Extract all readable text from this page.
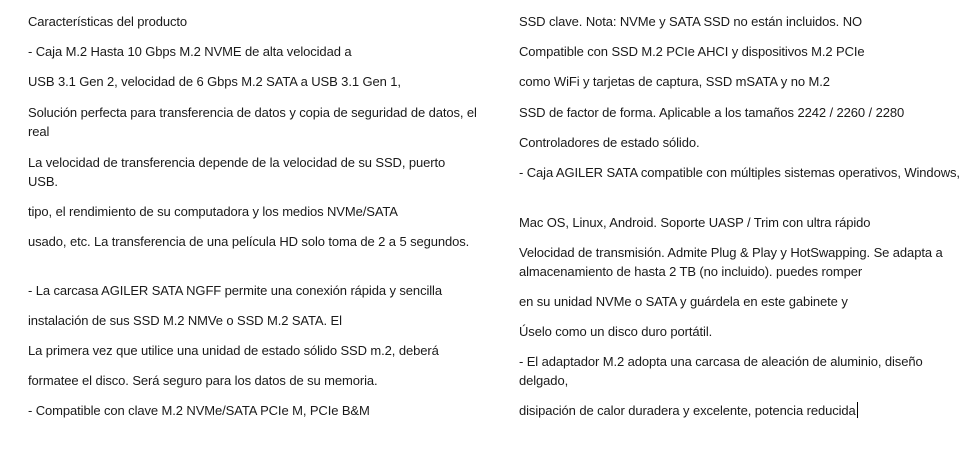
Características del producto
- Caja M.2 Hasta 10 Gbps M.2 NVME de alta velocidad a
USB 3.1 Gen 2, velocidad de 6 Gbps M.2 SATA a USB 3.1 Gen 1,
Solución perfecta para transferencia de datos y copia de seguridad de datos, el real
La velocidad de transferencia depende de la velocidad de su SSD, puerto USB.
tipo, el rendimiento de su computadora y los medios NVMe/SATA
usado, etc. La transferencia de una película HD solo toma de 2 a 5 segundos.
- La carcasa AGILER SATA NGFF permite una conexión rápida y sencilla
instalación de sus SSD M.2 NMVe o SSD M.2 SATA. El
La primera vez que utilice una unidad de estado sólido SSD m.2, deberá
formatee el disco. Será seguro para los datos de su memoria.
- Compatible con clave M.2 NVMe/SATA PCIe M, PCIe B&M
SSD clave. Nota: NVMe y SATA SSD no están incluidos. NO
Compatible con SSD M.2 PCIe AHCI y dispositivos M.2 PCIe
como WiFi y tarjetas de captura, SSD mSATA y no M.2
SSD de factor de forma. Aplicable a los tamaños 2242 / 2260 / 2280
Controladores de estado sólido.
- Caja AGILER SATA compatible con múltiples sistemas operativos, Windows,
Mac OS, Linux, Android. Soporte UASP / Trim con ultra rápido
Velocidad de transmisión. Admite Plug & Play y HotSwapping. Se adapta a almacenamiento de hasta 2 TB (no incluido). puedes romper
en su unidad NVMe o SATA y guárdela en este gabinete y
Úselo como un disco duro portátil.
- El adaptador M.2 adopta una carcasa de aleación de aluminio, diseño delgado,
disipación de calor duradera y excelente, potencia reducida
